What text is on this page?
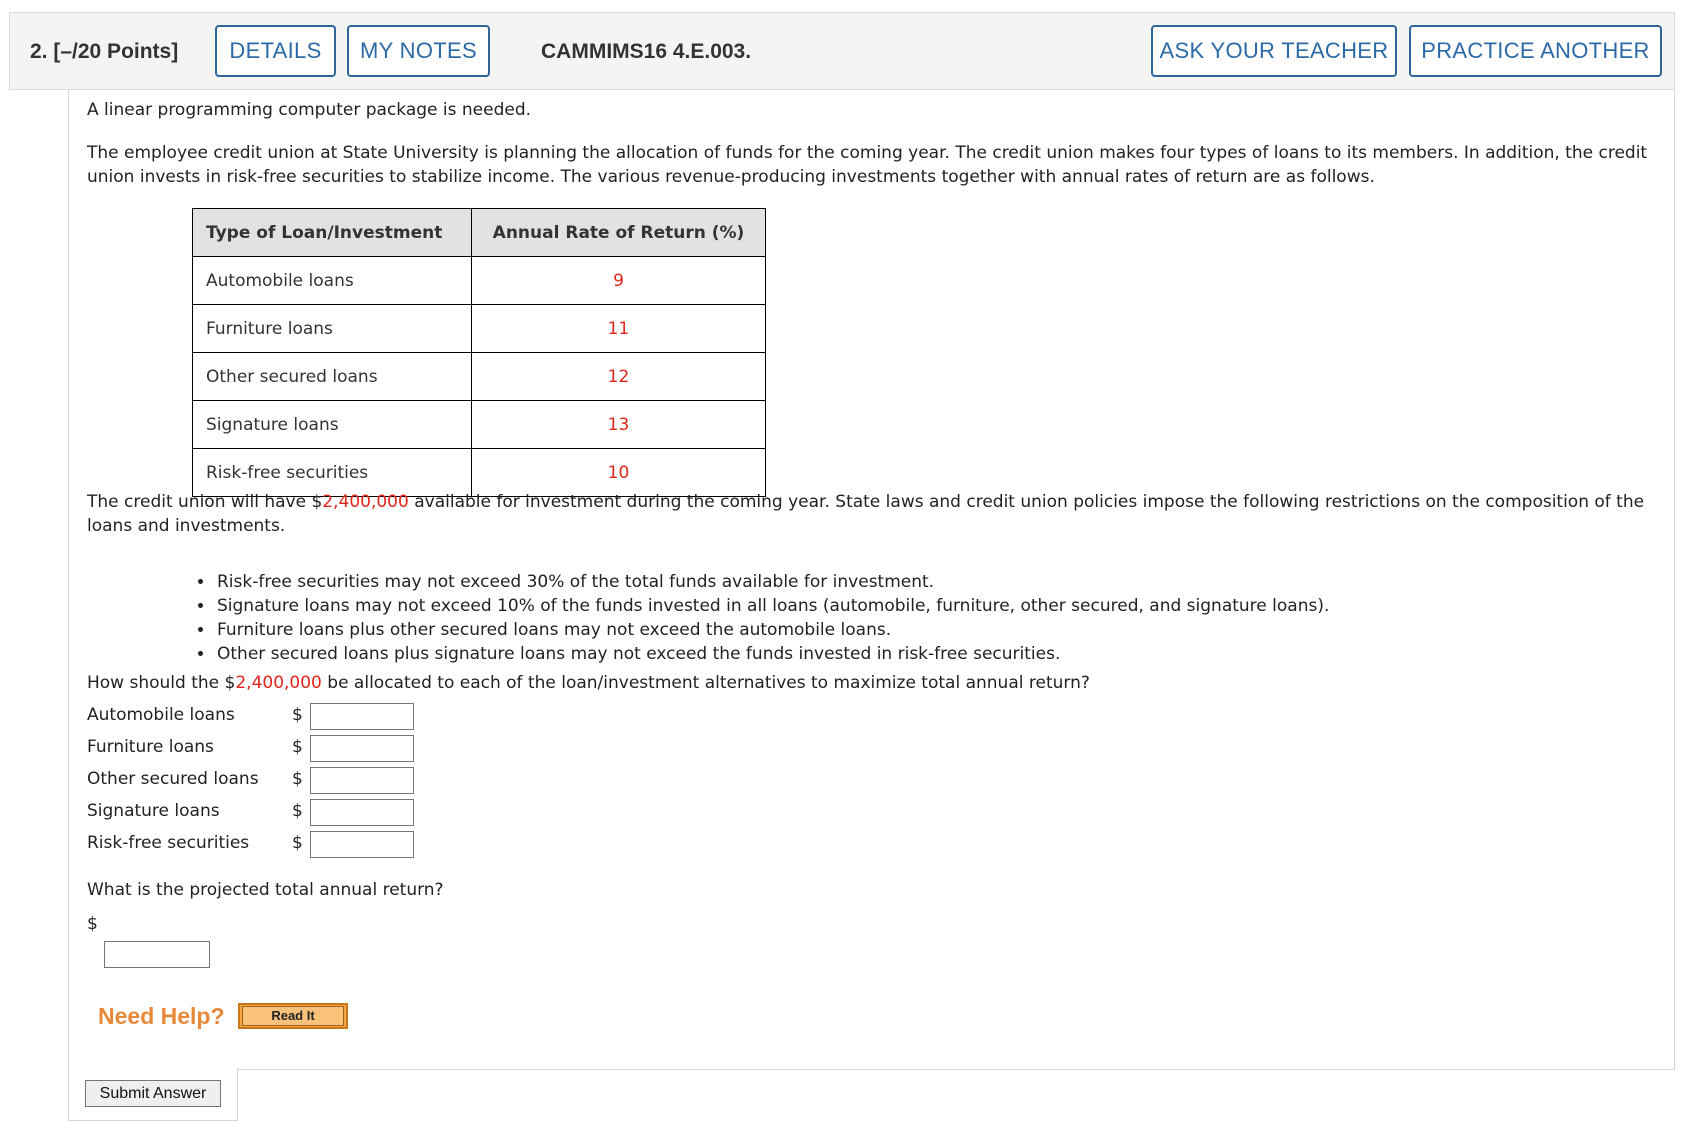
2. [–/20 Points]	DETAILS	MY NOTES	CAMMIMS16 4.E.003.	ASK YOUR TEACHER	PRACTICE ANOTHER
A linear programming computer package is needed.
The employee credit union at State University is planning the allocation of funds for the coming year. The credit union makes four types of loans to its members. In addition, the credit union invests in risk-free securities to stabilize income. The various revenue-producing investments together with annual rates of return are as follows.
Type of Loan/Investment	Annual Rate of Return (%)
Automobile loans	9
Furniture loans	11
Other secured loans	12
Signature loans	13
Risk-free securities	10
The credit union will have $2,400,000 available for investment during the coming year. State laws and credit union policies impose the following restrictions on the composition of the loans and investments.
• Risk-free securities may not exceed 30% of the total funds available for investment.
• Signature loans may not exceed 10% of the funds invested in all loans (automobile, furniture, other secured, and signature loans).
• Furniture loans plus other secured loans may not exceed the automobile loans.
• Other secured loans plus signature loans may not exceed the funds invested in risk-free securities.
How should the $2,400,000 be allocated to each of the loan/investment alternatives to maximize total annual return?
Automobile loans	$
Furniture loans	$
Other secured loans $
Signature loans	$
Risk-free securities	$
What is the projected total annual return?
$
Need Help?	Read It
Submit Answer
